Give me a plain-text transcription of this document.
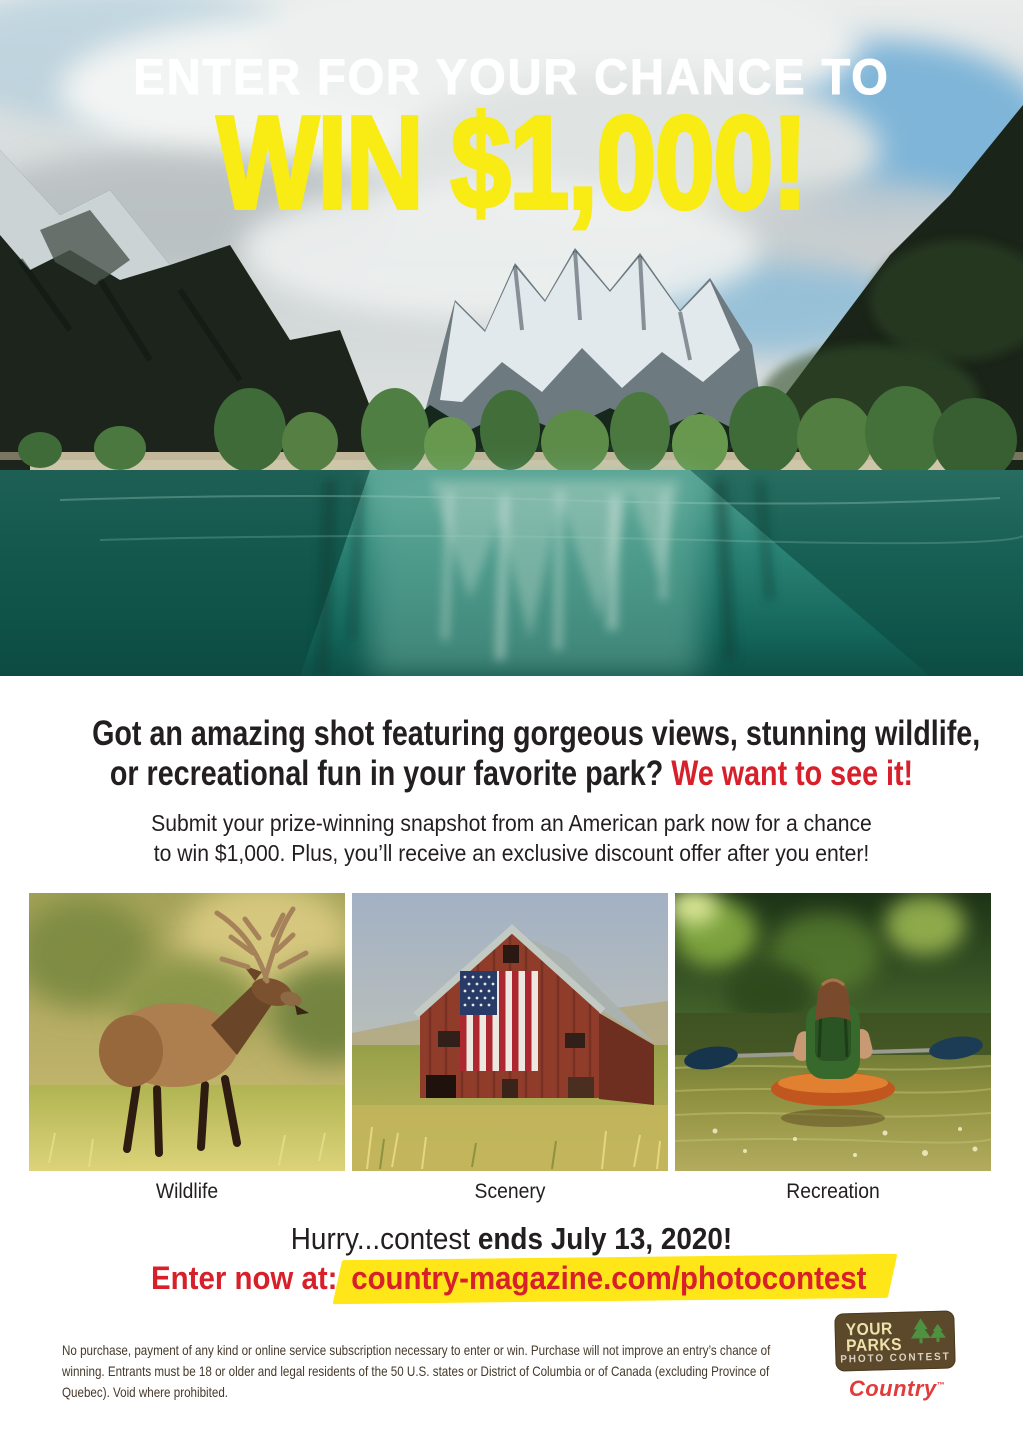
ENTER FOR YOUR CHANCE TO
WIN $1,000!
Got an amazing shot featuring gorgeous views, stunning wildlife,
or recreational fun in your favorite park? We want to see it!

Submit your prize-winning snapshot from an American park now for a chance
to win $1,000. Plus, you’ll receive an exclusive discount offer after you enter!

Wildlife	Scenery	Recreation

Hurry...contest ends July 13, 2020!

Enter now at: country-magazine.com/photocontest

No purchase, payment of any kind or online service subscription necessary to enter or win. Purchase will not improve an entry’s chance of
winning. Entrants must be 18 or older and legal residents of the 50 U.S. states or District of Columbia or of Canada (excluding Province of
Quebec). Void where prohibited.

YOUR
PARKS
PHOTO CONTEST
Country™
